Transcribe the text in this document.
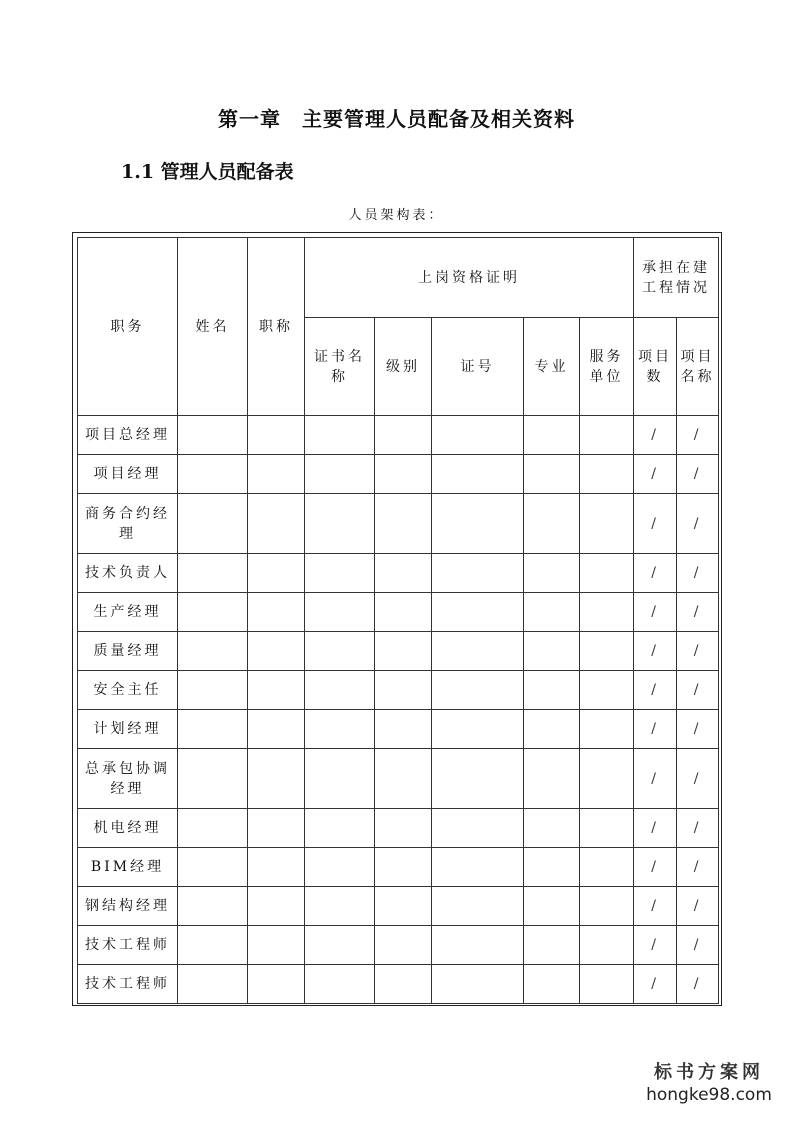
第一章　主要管理人员配备及相关资料
1.1 管理人员配备表
人员架构表：
职务	姓名	职称	上岗资格证明					承担在建工程情况	
			证书名称	级别	证号	专业	服务单位	项目数	项目名称
项目总经理								/	/
项目经理								/	/
商务合约经理								/	/
技术负责人								/	/
生产经理								/	/
质量经理								/	/
安全主任								/	/
计划经理								/	/
总承包协调经理								/	/
机电经理								/	/
BIM经理								/	/
钢结构经理								/	/
技术工程师								/	/
技术工程师								/	/
标书方案网
hongke98.com
